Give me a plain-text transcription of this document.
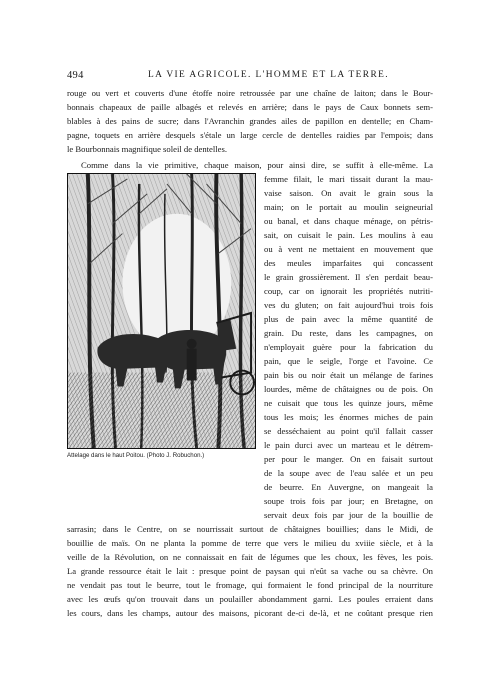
494	LA VIE AGRICOLE. L'HOMME ET LA TERRE.
rouge ou vert et couverts d'une étoffe noire retroussée par une chaîne de laiton; dans le Bour-
bonnais chapeaux de paille albagés et relevés en arrière; dans le pays de Caux bonnets sem-
blables à des pains de sucre; dans l'Avranchin grandes ailes de papillon en dentelle; en Cham-
pagne, toquets en arrière desquels s'étale un large cercle de dentelles raidies par l'empois; dans
le Bourbonnais magnifique soleil de dentelles.
Comme dans la vie primitive, chaque maison, pour ainsi dire, se suffit à elle-même. La
femme filait, le mari tissait durant la mau-
vaise saison. On avait le grain sous la
main; on le portait au moulin seigneurial
ou banal, et dans chaque ménage, on pétris-
sait, on cuisait le pain. Les moulins à eau
ou à vent ne mettaient en mouvement que
des meules imparfaites qui concassent
le grain grossièrement. Il s'en perdait beau-
coup, car on ignorait les propriétés nutriti-
ves du gluten; on fait aujourd'hui trois fois
plus de pain avec la même quantité de
grain. Du reste, dans les campagnes, on
n'employait guère pour la fabrication du
pain, que le seigle, l'orge et l'avoine. Ce
pain bis ou noir était un mélange de farines
lourdes, même de châtaignes ou de pois. On
ne cuisait que tous les quinze jours, même
tous les mois; les énormes miches de pain
se desséchaient au point qu'il fallait casser
le pain durci avec un marteau et le détrem-
per pour le manger. On en faisait surtout
de la soupe avec de l'eau salée et un peu
de beurre. En Auvergne, on mangeait la
soupe trois fois par jour; en Bretagne, on
servait deux fois par jour de la bouillie de
sarrasin; dans le Centre, on se nourrissait surtout de châtaignes bouillies; dans le Midi, de
bouillie de maïs. On ne planta la pomme de terre que vers le milieu du xviiie siècle, et à la
veille de la Révolution, on ne connaissait en fait de légumes que les choux, les fèves, les pois.
La grande ressource était le lait : presque point de paysan qui n'eût sa vache ou sa chèvre. On
ne vendait pas tout le beurre, tout le fromage, qui formaient le fond principal de la nourriture
avec les œufs qu'on trouvait dans un poulailler abondamment garni. Les poules erraient dans
les cours, dans les champs, autour des maisons, picorant de-ci de-là, et ne coûtant presque rien
Attelage dans le haut Poitou. (Photo J. Robuchon.)
